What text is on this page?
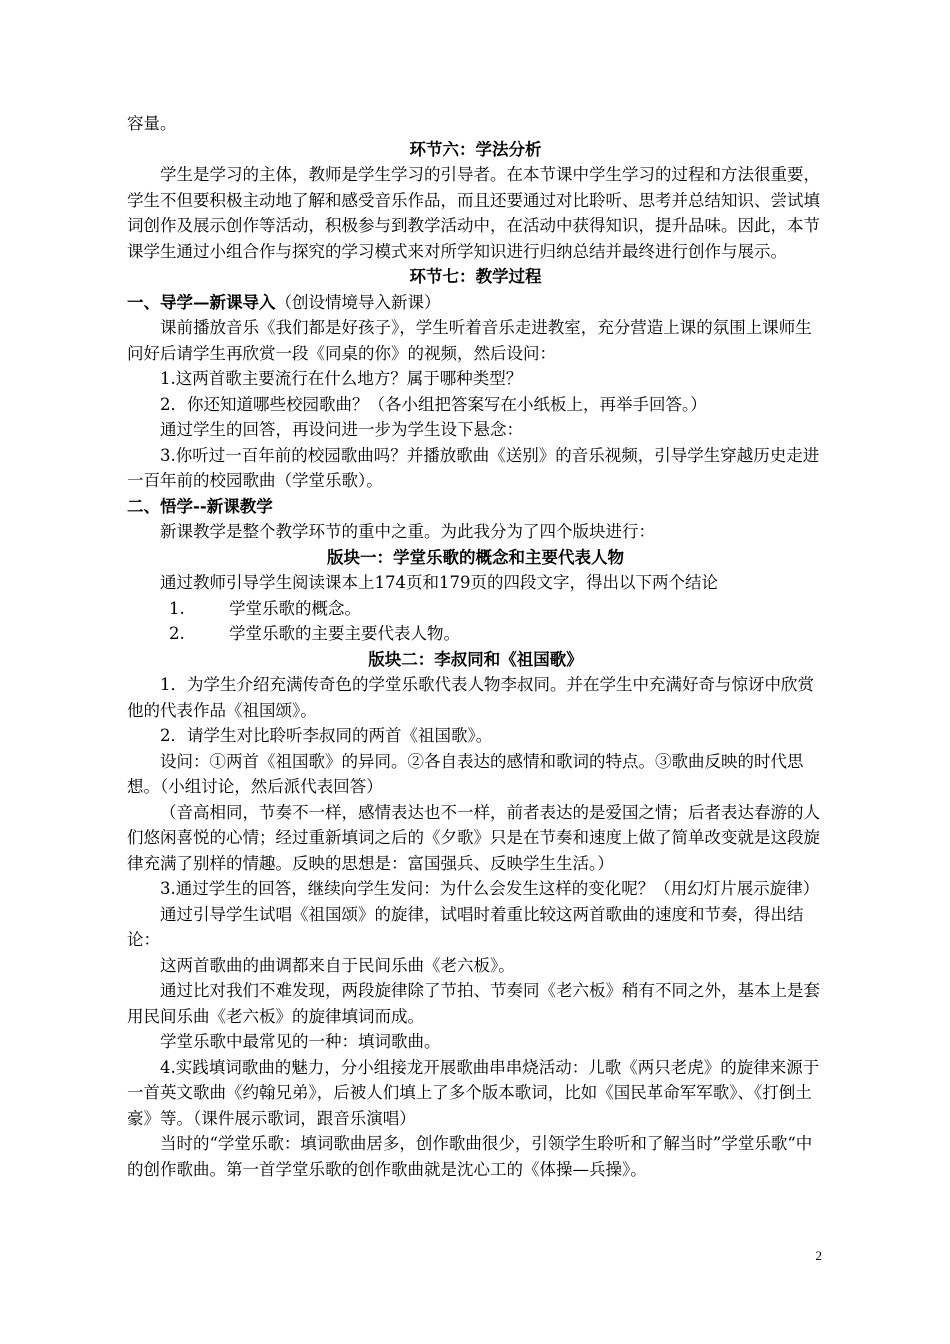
容量。

环节六：学法分析

学生是学习的主体，教师是学生学习的引导者。在本节课中学生学习的过程和方法很重要，学生不但要积极主动地了解和感受音乐作品，而且还要通过对比聆听、思考并总结知识、尝试填词创作及展示创作等活动，积极参与到教学活动中，在活动中获得知识，提升品味。因此，本节课学生通过小组合作与探究的学习模式来对所学知识进行归纳总结并最终进行创作与展示。

环节七：教学过程

一、导学—新课导入（创设情境导入新课）

课前播放音乐《我们都是好孩子》，学生听着音乐走进教室，充分营造上课的氛围上课师生问好后请学生再欣赏一段《同桌的你》的视频，然后设问：

1.这两首歌主要流行在什么地方？属于哪种类型？

2．你还知道哪些校园歌曲？（各小组把答案写在小纸板上，再举手回答。）

通过学生的回答，再设问进一步为学生设下悬念：

3.你听过一百年前的校园歌曲吗？并播放歌曲《送别》的音乐视频，引导学生穿越历史走进一百年前的校园歌曲（学堂乐歌）。

二、悟学--新课教学

新课教学是整个教学环节的重中之重。为此我分为了四个版块进行：

版块一：学堂乐歌的概念和主要代表人物

通过教师引导学生阅读课本上174页和179页的四段文字，得出以下两个结论

1.	学堂乐歌的概念。

2.	学堂乐歌的主要主要代表人物。

版块二：李叔同和《祖国歌》

1．为学生介绍充满传奇色的学堂乐歌代表人物李叔同。并在学生中充满好奇与惊讶中欣赏他的代表作品《祖国颂》。

2．请学生对比聆听李叔同的两首《祖国歌》。

设问：①两首《祖国歌》的异同。②各自表达的感情和歌词的特点。③歌曲反映的时代思想。（小组讨论，然后派代表回答）

（音高相同，节奏不一样，感情表达也不一样，前者表达的是爱国之情；后者表达春游的人们悠闲喜悦的心情；经过重新填词之后的《夕歌》只是在节奏和速度上做了简单改变就是这段旋律充满了别样的情趣。反映的思想是：富国强兵、反映学生生活。）

3.通过学生的回答，继续向学生发问：为什么会发生这样的变化呢？（用幻灯片展示旋律）

通过引导学生试唱《祖国颂》的旋律，试唱时着重比较这两首歌曲的速度和节奏，得出结论：

这两首歌曲的曲调都来自于民间乐曲《老六板》。

通过比对我们不难发现，两段旋律除了节拍、节奏同《老六板》稍有不同之外，基本上是套用民间乐曲《老六板》的旋律填词而成。

学堂乐歌中最常见的一种：填词歌曲。

4.实践填词歌曲的魅力，分小组接龙开展歌曲串串烧活动：儿歌《两只老虎》的旋律来源于一首英文歌曲《约翰兄弟》，后被人们填上了多个版本歌词，比如《国民革命军军歌》、《打倒土豪》等。（课件展示歌词，跟音乐演唱）

当时的“学堂乐歌：填词歌曲居多，创作歌曲很少，引领学生聆听和了解当时”学堂乐歌“中的创作歌曲。第一首学堂乐歌的创作歌曲就是沈心工的《体操—兵操》。

2
